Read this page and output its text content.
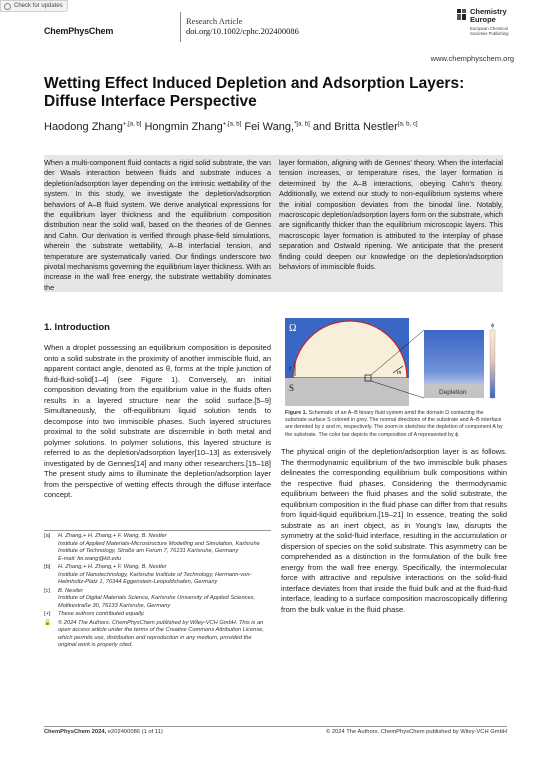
Check for updates
ChemPhysChem
Research Article
doi.org/10.1002/cphc.202400086
Chemistry
Europe
European Chemical
Societies Publishing
www.chemphyschem.org
Wetting Effect Induced Depletion and Adsorption Layers: Diffuse Interface Perspective
Haodong Zhang$^{+,[a, b]}$ Hongmin Zhang$^{+,[a, b]}$ Fei Wang,$^{*[a, b]}$ and Britta Nestler[a, b, c]
When a multi-component fluid contacts a rigid solid substrate, the van der Waals interaction between fluids and substrate induces a depletion/adsorption layer depending on the intrinsic wettability of the system. In this study, we investigate the depletion/adsorption behaviors of A–B fluid system. We derive analytical expressions for the equilibrium layer thickness and the equilibrium composition distribution near the solid wall, based on the theories of de Gennes and Cahn. Our derivation is verified through phase-field simulations, wherein the substrate wettability, A–B interfacial tension, and temperature are systematically varied. Our findings underscore two pivotal mechanisms governing the equilibrium layer thickness. With an increase in the wall free energy, the substrate wettability dominates the
layer formation, aligning with de Gennes' theory. When the interfacial tension increases, or temperature rises, the layer formation is determined by the A–B interactions, obeying Cahn's theory. Additionally, we extend our study to non-equilibrium systems where the initial composition deviates from the binodal line. Notably, macroscopic depletion/adsorption layers form on the substrate, which are significantly thicker than the equilibrium microscopic layers. This macroscopic layer formation is attributed to the interplay of phase separation and Ostwald ripening. We anticipate that the present finding could deepen our knowledge on the depletion/adsorption behaviors of immiscible fluids.
1. Introduction
When a droplet possessing an equilibrium composition is deposited onto a solid substrate in the proximity of another immiscible fluid, an apparent contact angle, denoted as θ, forms at the triple junction of fluid-fluid-solid[1–4] (see Figure 1). Conversely, an initial composition deviating from the equilibrium value in the fluids often results in a layered structure near the solid surface.[5–9] Simultaneously, the off-equilibrium liquid solution tends to decompose into two immiscible phases. Such layered structures proximal to the solid substrate are discernible in both metal and polymer solutions. In polymer solutions, this layered structure is referred to as the depletion/adsorption layer[10–13] as extensively investigated by de Gennes[14] and many other researchers.[15–18] The present study aims to illuminate the depletion/adsorption layer from the perspective of wetting effects through the diffuse interface concept.
[a] H. Zhang,+ H. Zhang,+ F. Wang, B. Nestler
Institute of Applied Materials-Microstructure Modelling and Simulation, Karlsruhe Institute of Technology, Straße am Forum 7, 76131 Karlsruhe, Germany
E-mail: fei.wang@kit.edu
[b] H. Zhang,+ H. Zhang,+ F. Wang, B. Nestler
Institute of Nanotechnology, Karlsruhe Institute of Technology, Hermann-von-Helmholtz-Platz 1, 76344 Eggenstein-Leopoldshafen, Germany
[c] B. Nestler
Institute of Digital Materials Science, Karlsruhe University of Applied Sciences, Moltkestraße 30, 76133 Karlsruhe, Germany
[+] These authors contributed equally.
🔓 © 2024 The Authors. ChemPhysChem published by Wiley-VCH GmbH. This is an open access article under the terms of the Creative Commons Attribution License, which permits use, distribution and reproduction in any medium, provided the original work is properly cited.
Ω
S
z
m
Depletion
ϕ
Figure 1. Schematic of an A–B binary fluid system amid the domain Ω contacting the substrate surface S colored in grey. The normal directions of the substrate and A–B interface are denoted by z and m, respectively. The zoom-in sketches the depletion of component A by the substrate. The color bar depicts the composition of A represented by ϕ.
The physical origin of the depletion/adsorption layer is as follows. The thermodynamic equilibrium of the two immiscible bulk phases delineates the corresponding equilibrium bulk compositions within the respective fluid phases. Considering the thermodynamic equilibrium between the fluid phases and the solid substrate, the equilibrium composition in the fluid phase can differ from that results from liquid-liquid equilibrium.[19–21] In essence, treating the solid substrate as an inert object, as in Young's law, disrupts the symmetry at the solid-fluid interface, resulting in the accumulation or dispersion of species on the solid substrate. This asymmetry can be comprehended as a distinction in the formulation of the bulk free energy from the wall free energy. Specifically, the intermolecular force with attractive and repulsive interactions on the solid-fluid interface deviates from that inside the fluid bulk and at the fluid-fluid interface, leading to a surface composition macroscopically differing from the bulk value in the fluid phase.
ChemPhysChem 2024, e202400086 (1 of 11)	© 2024 The Authors. ChemPhysChem published by Wiley-VCH GmbH
